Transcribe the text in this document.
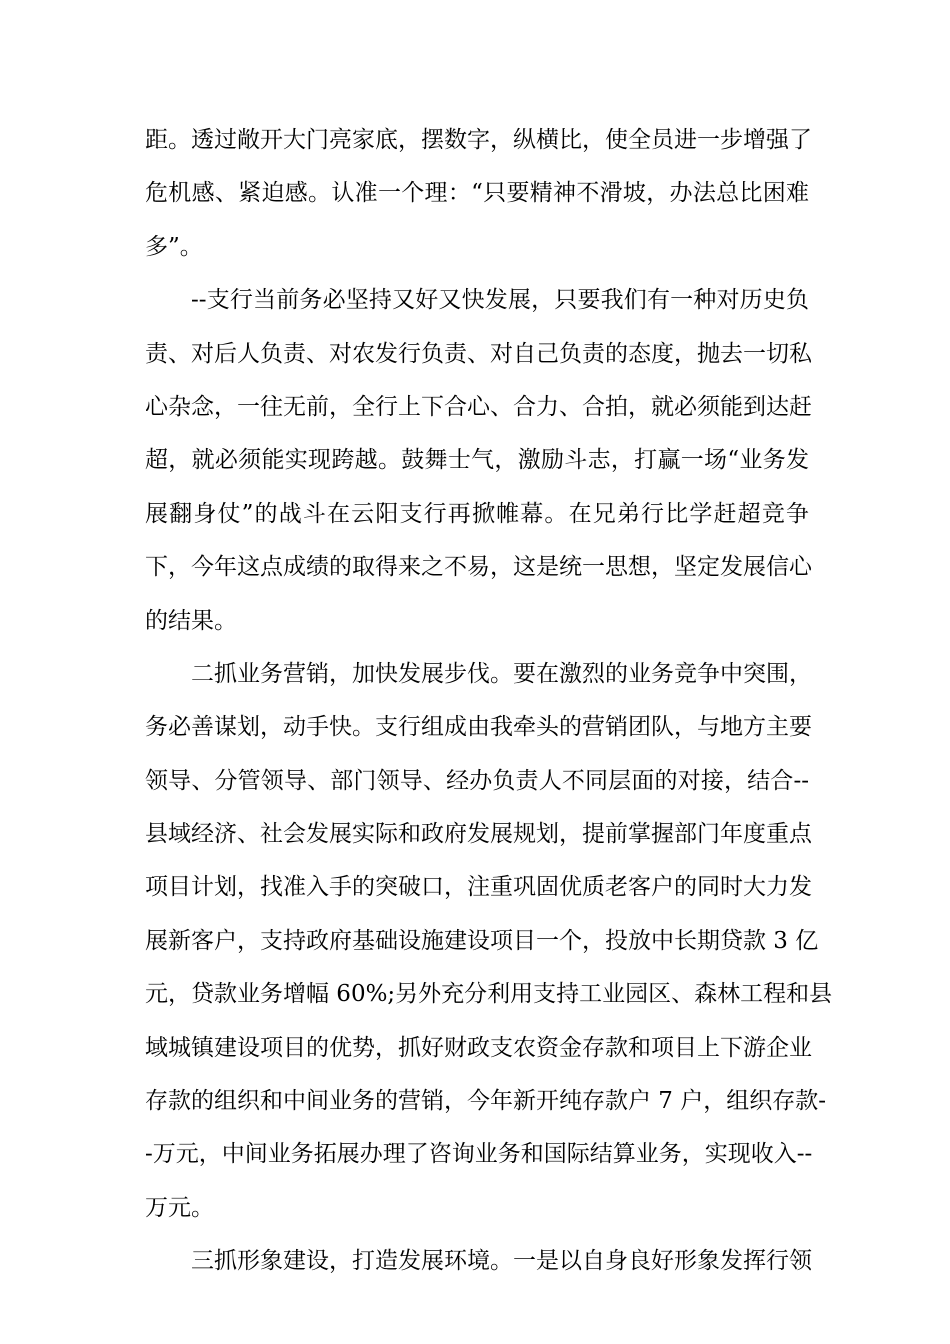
距。透过敞开大门亮家底，摆数字，纵横比，使全员进一步增强了
危机感、紧迫感。认准一个理：“只要精神不滑坡，办法总比困难
多”。
--支行当前务必坚持又好又快发展，只要我们有一种对历史负
责、对后人负责、对农发行负责、对自己负责的态度，抛去一切私
心杂念，一往无前，全行上下合心、合力、合拍，就必须能到达赶
超，就必须能实现跨越。鼓舞士气，激励斗志，打赢一场“业务发
展翻身仗”的战斗在云阳支行再掀帷幕。在兄弟行比学赶超竞争
下，今年这点成绩的取得来之不易，这是统一思想，坚定发展信心
的结果。
二抓业务营销，加快发展步伐。要在激烈的业务竞争中突围，
务必善谋划，动手快。支行组成由我牵头的营销团队，与地方主要
领导、分管领导、部门领导、经办负责人不同层面的对接，结合--
县域经济、社会发展实际和政府发展规划，提前掌握部门年度重点
项目计划，找准入手的突破口，注重巩固优质老客户的同时大力发
展新客户，支持政府基础设施建设项目一个，投放中长期贷款 3 亿
元，贷款业务增幅 60%;另外充分利用支持工业园区、森林工程和县
域城镇建设项目的优势，抓好财政支农资金存款和项目上下游企业
存款的组织和中间业务的营销，今年新开纯存款户 7 户，组织存款-
-万元，中间业务拓展办理了咨询业务和国际结算业务，实现收入--
万元。
三抓形象建设，打造发展环境。一是以自身良好形象发挥行领
